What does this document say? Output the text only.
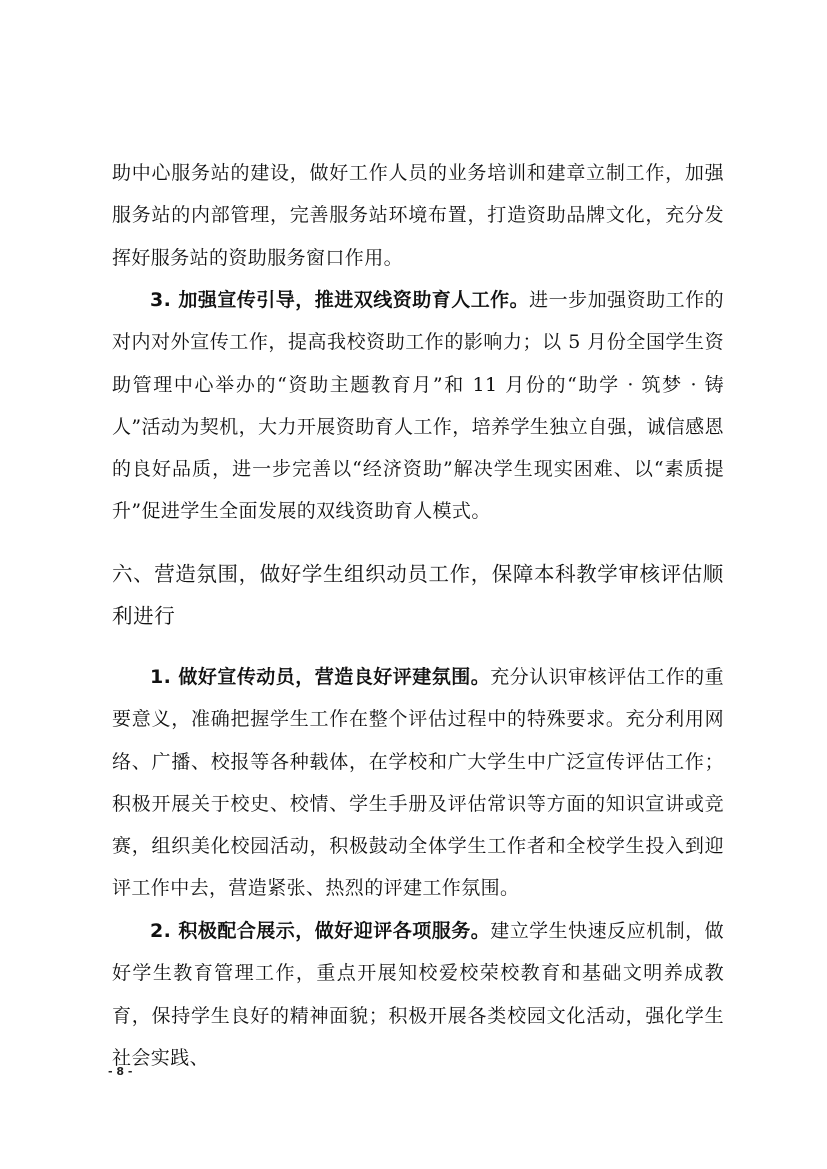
助中心服务站的建设，做好工作人员的业务培训和建章立制工作，加强服务站的内部管理，完善服务站环境布置，打造资助品牌文化，充分发挥好服务站的资助服务窗口作用。

3. 加强宣传引导，推进双线资助育人工作。进一步加强资助工作的对内对外宣传工作，提高我校资助工作的影响力；以 5 月份全国学生资助管理中心举办的“资助主题教育月”和 11 月份的“助学 · 筑梦 · 铸人”活动为契机，大力开展资助育人工作，培养学生独立自强，诚信感恩的良好品质，进一步完善以“经济资助”解决学生现实困难、以“素质提升”促进学生全面发展的双线资助育人模式。

六、营造氛围，做好学生组织动员工作，保障本科教学审核评估顺利进行

1. 做好宣传动员，营造良好评建氛围。充分认识审核评估工作的重要意义，准确把握学生工作在整个评估过程中的特殊要求。充分利用网络、广播、校报等各种载体，在学校和广大学生中广泛宣传评估工作；积极开展关于校史、校情、学生手册及评估常识等方面的知识宣讲或竞赛，组织美化校园活动，积极鼓动全体学生工作者和全校学生投入到迎评工作中去，营造紧张、热烈的评建工作氛围。

2. 积极配合展示，做好迎评各项服务。建立学生快速反应机制，做好学生教育管理工作，重点开展知校爱校荣校教育和基础文明养成教育，保持学生良好的精神面貌；积极开展各类校园文化活动，强化学生社会实践、

- 8 -
